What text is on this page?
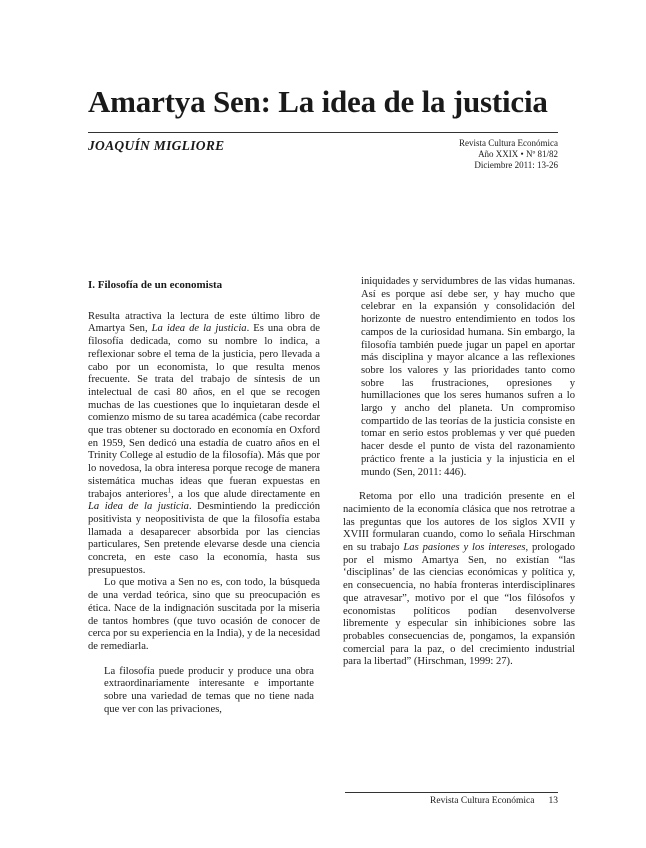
Amartya Sen: La idea de la justicia
JOAQUÍN MIGLIORE	Revista Cultura Económica
Año XXIX • Nº 81/82
Diciembre 2011: 13-26
I. Filosofía de un economista

Resulta atractiva la lectura de este último libro de Amartya Sen, La idea de la justicia. Es una obra de filosofía dedicada, como su nombre lo indica, a reflexionar sobre el tema de la justicia, pero llevada a cabo por un economista, lo que resulta menos frecuente. Se trata del trabajo de síntesis de un intelectual de casi 80 años, en el que se recogen muchas de las cuestiones que lo inquietaran desde el comienzo mismo de su tarea académica (cabe recordar que tras obtener su doctorado en economía en Oxford en 1959, Sen dedicó una estadía de cuatro años en el Trinity College al estudio de la filosofía). Más que por lo novedosa, la obra interesa porque recoge de manera sistemática muchas ideas que fueran expuestas en trabajos anteriores$^1$, a los que alude directamente en La idea de la justicia. Desmintiendo la predicción positivista y neopositivista de que la filosofía estaba llamada a desaparecer absorbida por las ciencias particulares, Sen pretende elevarse desde una ciencia concreta, en este caso la economía, hasta sus presupuestos.

Lo que motiva a Sen no es, con todo, la búsqueda de una verdad teórica, sino que su preocupación es ética. Nace de la indignación suscitada por la miseria de tantos hombres (que tuvo ocasión de conocer de cerca por su experiencia en la India), y de la necesidad de remediarla.

La filosofía puede producir y produce una obra extraordinariamente interesante e importante sobre una variedad de temas que no tiene nada que ver con las privaciones,

iniquidades y servidumbres de las vidas humanas. Así es porque así debe ser, y hay mucho que celebrar en la expansión y consolidación del horizonte de nuestro entendimiento en todos los campos de la curiosidad humana. Sin embargo, la filosofía también puede jugar un papel en aportar más disciplina y mayor alcance a las reflexiones sobre los valores y las prioridades tanto como sobre las frustraciones, opresiones y humillaciones que los seres humanos sufren a lo largo y ancho del planeta. Un compromiso compartido de las teorías de la justicia consiste en tomar en serio estos problemas y ver qué pueden hacer desde el punto de vista del razonamiento práctico frente a la justicia y la injusticia en el mundo (Sen, 2011: 446).

Retoma por ello una tradición presente en el nacimiento de la economía clásica que nos retrotrae a las preguntas que los autores de los siglos XVII y XVIII formularan cuando, como lo señala Hirschman en su trabajo Las pasiones y los intereses, prologado por el mismo Amartya Sen, no existían “las ‘disciplinas’ de las ciencias económicas y política y, en consecuencia, no había fronteras interdisciplinares que atravesar”, motivo por el que “los filósofos y economistas políticos podían desenvolverse libremente y especular sin inhibiciones sobre las probables consecuencias de, pongamos, la expansión comercial para la paz, o del crecimiento industrial para la libertad” (Hirschman, 1999: 27).

Revista Cultura Económica 13
